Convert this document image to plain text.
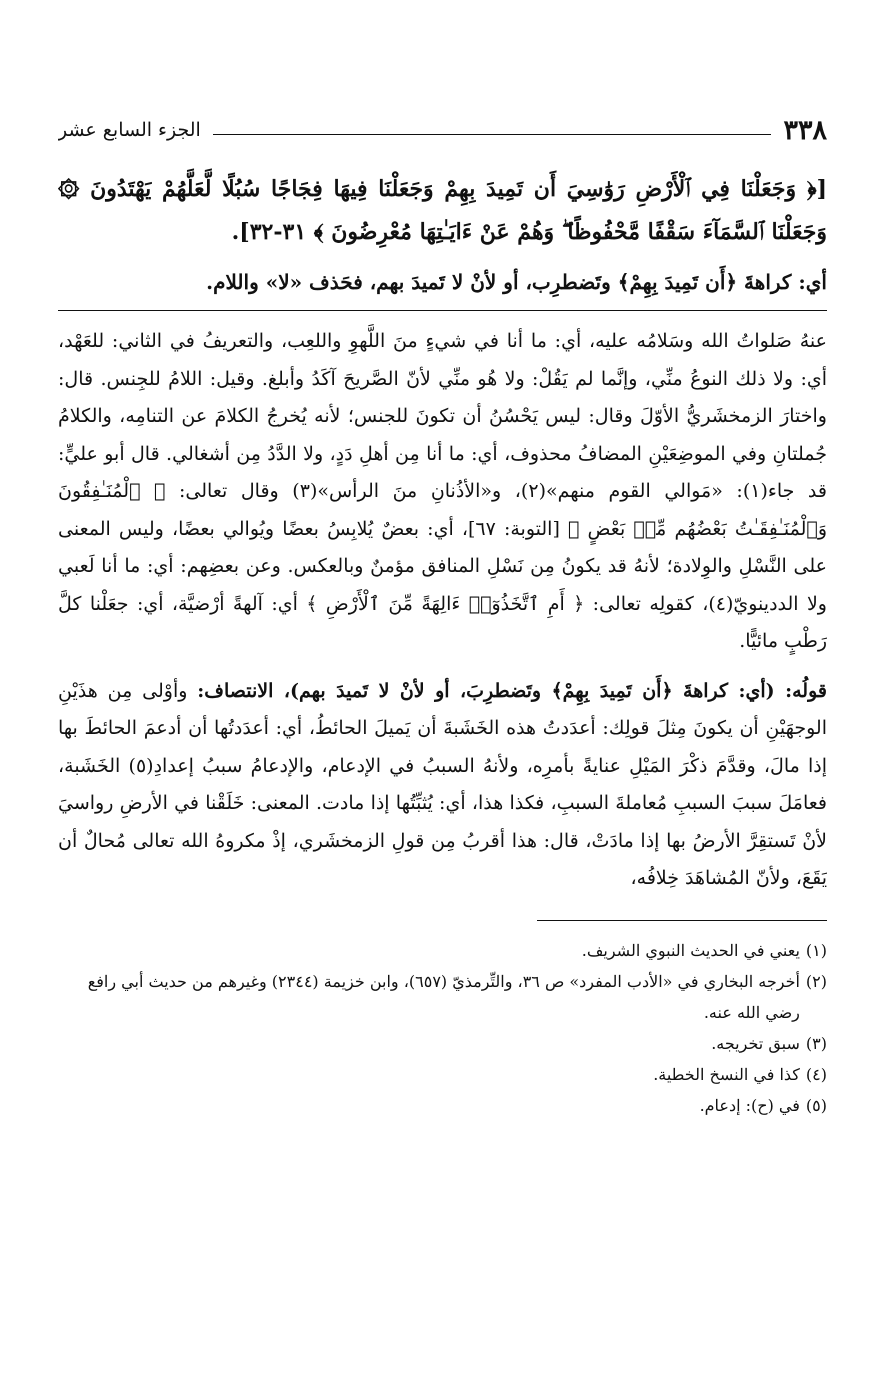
٣٣٨
الجزء السابع عشر
[﴿ وَجَعَلْنَا فِي ٱلْأَرْضِ رَوَٰسِيَ أَن تَمِيدَ بِهِمْ وَجَعَلْنَا فِيهَا فِجَاجًا سُبُلًا لَّعَلَّهُمْ يَهْتَدُونَ ۞ وَجَعَلْنَا ٱلسَّمَآءَ سَقْفًا مَّحْفُوظًا ۖ وَهُمْ عَنْ ءَايَـٰتِهَا مُعْرِضُونَ ﴾ ٣١-٣٢].
أي: كراهةَ ﴿أَن تَمِيدَ بِهِمْ﴾ وتَضطرِب، أو لأنْ لا تَميدَ بهم، فحَذف «لا» واللام.
عنهُ صَلواتُ الله وسَلامُه عليه، أي: ما أنا في شيءٍ منَ اللَّهوِ واللعِب، والتعريفُ في الثاني: للعَهْد، أي: ولا ذلك النوعُ منِّي، وإنَّما لم يَقُلْ: ولا هُو منِّي لأنّ الصَّريحَ آكَدُ وأبلغ. وقيل: اللامُ للجِنس. قال: واختارَ الزمخشَريُّ الأوّلَ وقال: ليس يَحْسُنُ أن تكونَ للجنس؛ لأنه يُخرجُ الكلامَ عن التنامِه، والكلامُ جُملتانِ وفي الموضِعَيْنِ المضافُ محذوف، أي: ما أنا مِن أهلِ دَدٍ، ولا الدَّدُ مِن أشغالي. قال أبو عليٍّ: قد جاء(١): «مَوالي القوم منهم»(٢)، و«الأذُنانِ منَ الرأس»(٣) وقال تعالى: ﴿ ٱلْمُنَـٰفِقُونَ وَٱلْمُنَـٰفِقَـٰتُ بَعْضُهُم مِّنۢ بَعْضٍ ﴾ [التوبة: ٦٧]، أي: بعضٌ يُلابِسُ بعضًا ويُوالي بعضًا، وليس المعنى على النَّسْلِ والوِلادة؛ لأنهُ قد يكونُ مِن نَسْلِ المنافق مؤمنٌ وبالعكس. وعن بعضِهم: أي: ما أنا لَعبي ولا الددينويّ(٤)، كقولِه تعالى: ﴿ أَمِ ٱتَّخَذُوٓا۟ ءَالِهَةً مِّنَ ٱلْأَرْضِ ﴾ أي: آلهةً أرْضيَّة، أي: جعَلْنا كلَّ رَطْبٍ مائيًّا.
قولُه: (أي: كراهةَ ﴿أَن تَمِيدَ بِهِمْ﴾ وتَضطرِبَ، أو لأنْ لا تَميدَ بهم)، الانتصاف: وأوْلى مِن هذَيْنِ الوجهَيْنِ أن يكونَ مِثلَ قولِك: أعدَدتُ هذه الخَشَبةَ أن يَميلَ الحائطُ، أي: أعدَدتُها أن أدعمَ الحائطَ بها إذا مالَ، وقدَّمَ ذكْرَ المَيْلِ عنايةً بأمرِه، ولأنهُ السببُ في الإدعام، والإدعامُ سببُ إعدادِ(٥) الخَشَبة، فعامَلَ سببَ السببِ مُعاملةَ السببِ، فكذا هذا، أي: يُثبِّتُها إذا مادت. المعنى: خَلَقْنا في الأرضِ رواسيَ لأنْ تَستقِرَّ الأرضُ بها إذا مادَتْ، قال: هذا أقربُ مِن قولِ الزمخشَري، إذْ مكروهُ الله تعالى مُحالٌ أن يَقَعَ، ولأنّ المُشاهَدَ خِلافُه،
(١)
يعني في الحديث النبوي الشريف.
(٢)
أخرجه البخاري في «الأدب المفرد» ص ٣٦، والتِّرمذيّ (٦٥٧)، وابن خزيمة (٢٣٤٤) وغيرهم من حديث أبي رافع رضي الله عنه.
(٣)
سبق تخريجه.
(٤)
كذا في النسخ الخطية.
(٥)
في (ح): إدعام.
